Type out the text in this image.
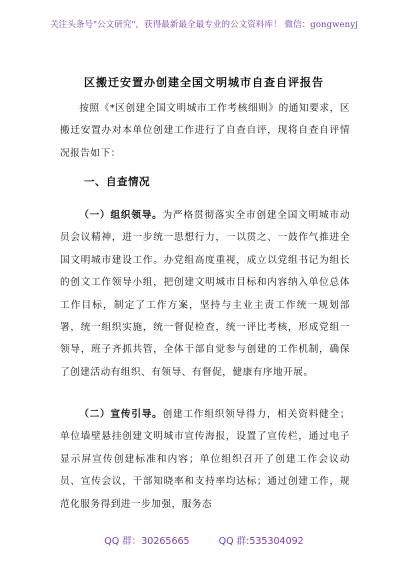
关注头条号"公文研究"，获得最新最全最专业的公文资料库！ 微信：gongwenyj
区搬迁安置办创建全国文明城市自查自评报告
按照《*区创建全国文明城市工作考核细则》的通知要求，区搬迁安置办对本单位创建工作进行了自查自评，现将自查自评情况报告如下：
一、自查情况
（一）组织领导。为严格贯彻落实全市创建全国文明城市动员会议精神，进一步统一思想行力，一以贯之、一鼓作气推进全国文明城市建设工作。办党组高度重视，成立以党组书记为组长的创文工作领导小组，把创建文明城市目标和内容纳入单位总体工作目标，制定了工作方案，坚持与主业主责工作统一规划部署，统一组织实施，统一督促检查，统一评比考核，形成党组一领导，班子齐抓共管，全体干部自觉参与创建的工作机制，确保了创建活动有组织、有领导、有督促，健康有序地开展。
（二）宣传引导。创建工作组织领导得力，相关资料健全；单位墙壁悬挂创建文明城市宣传海报，设置了宣传栏，通过电子显示屏宣传创建标准和内容；单位组织召开了创建工作会议动员、宣传会议，干部知晓率和支持率均达标；通过创建工作，规范化服务得到进一步加强，服务态
QQ 群：30265665	QQ 群:535304092
